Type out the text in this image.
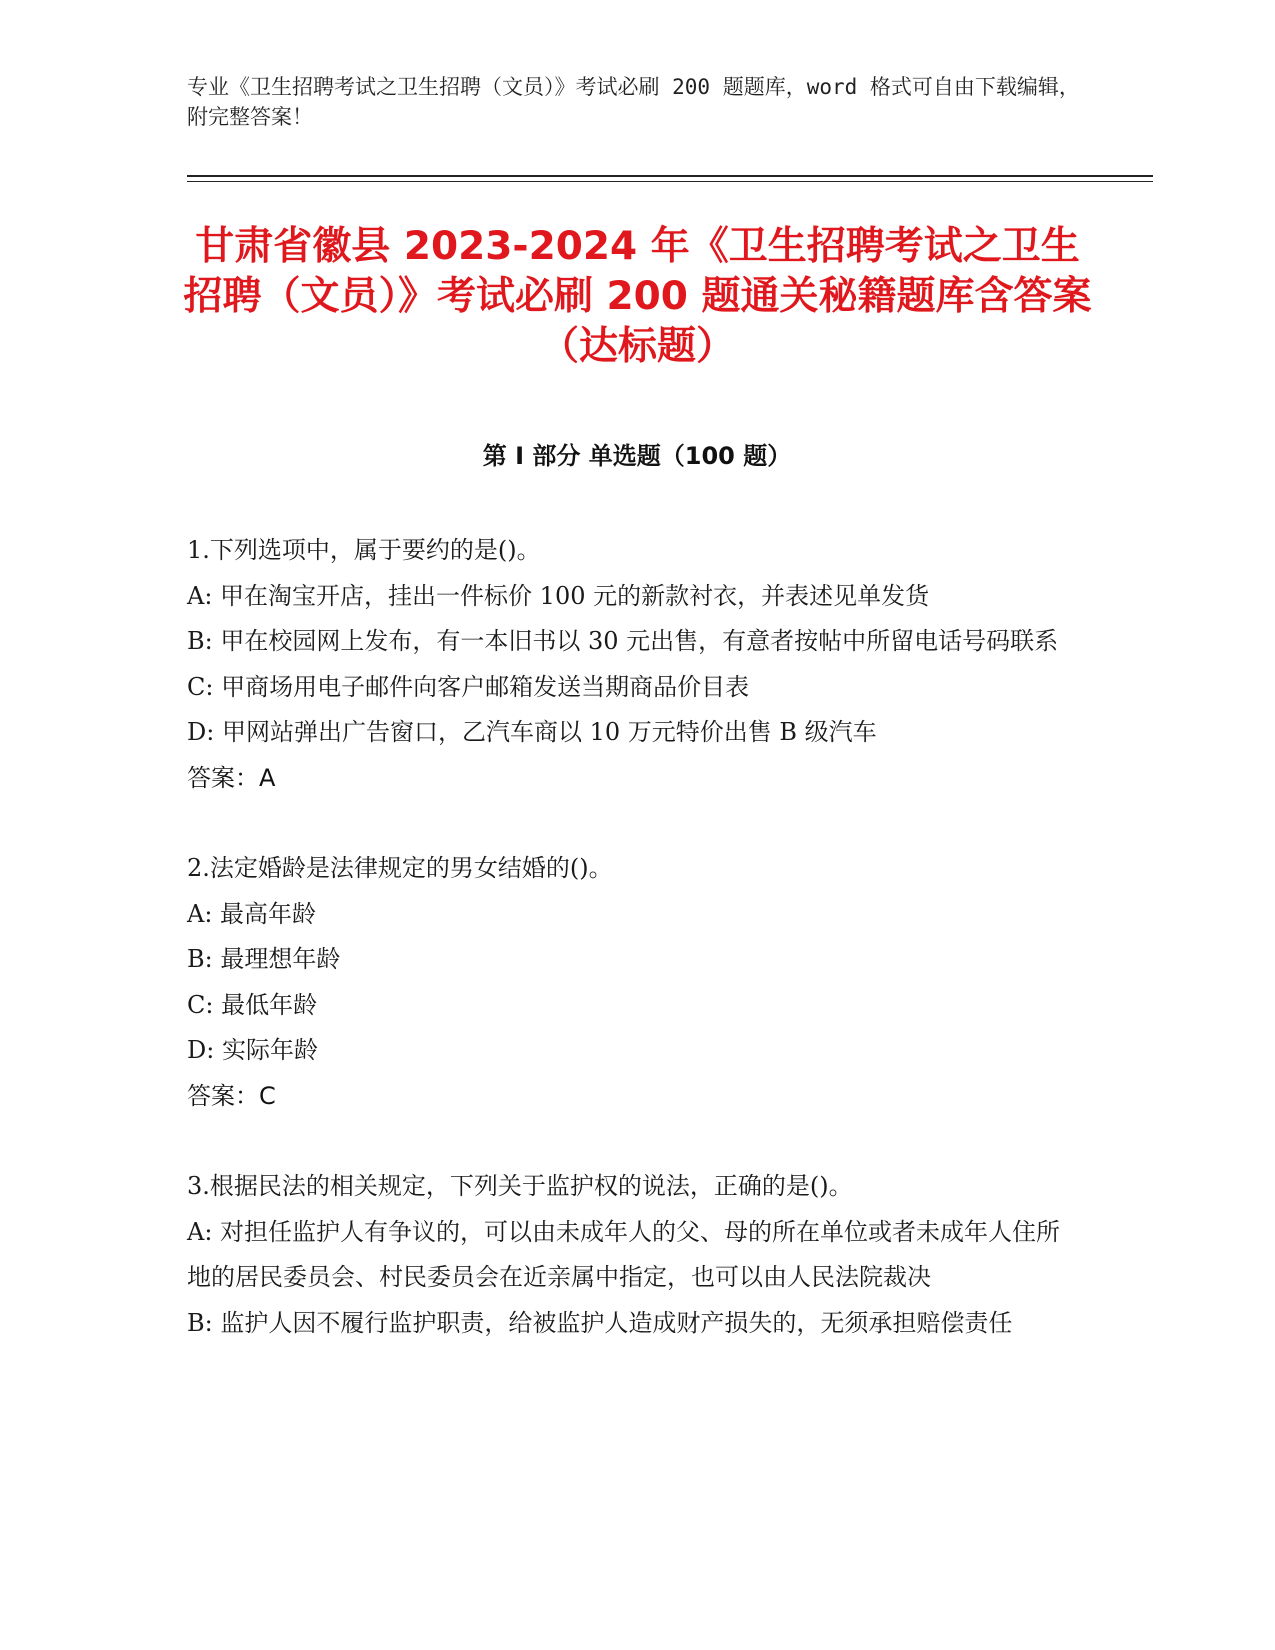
专业《卫生招聘考试之卫生招聘（文员）》考试必刷 200 题题库，word 格式可自由下载编辑，附完整答案！
甘肃省徽县 2023-2024 年《卫生招聘考试之卫生招聘（文员）》考试必刷 200 题通关秘籍题库含答案（达标题）
第 I 部分 单选题（100 题）

1.下列选项中，属于要约的是()。

A: 甲在淘宝开店，挂出一件标价 100 元的新款衬衣，并表述见单发货

B: 甲在校园网上发布，有一本旧书以 30 元出售，有意者按帖中所留电话号码联系

C: 甲商场用电子邮件向客户邮箱发送当期商品价目表

D: 甲网站弹出广告窗口，乙汽车商以 10 万元特价出售 B 级汽车

答案：A

2.法定婚龄是法律规定的男女结婚的()。

A: 最高年龄

B: 最理想年龄

C: 最低年龄

D: 实际年龄

答案：C

3.根据民法的相关规定，下列关于监护权的说法，正确的是()。

A: 对担任监护人有争议的，可以由未成年人的父、母的所在单位或者未成年人住所地的居民委员会、村民委员会在近亲属中指定，也可以由人民法院裁决

B: 监护人因不履行监护职责，给被监护人造成财产损失的，无须承担赔偿责任
